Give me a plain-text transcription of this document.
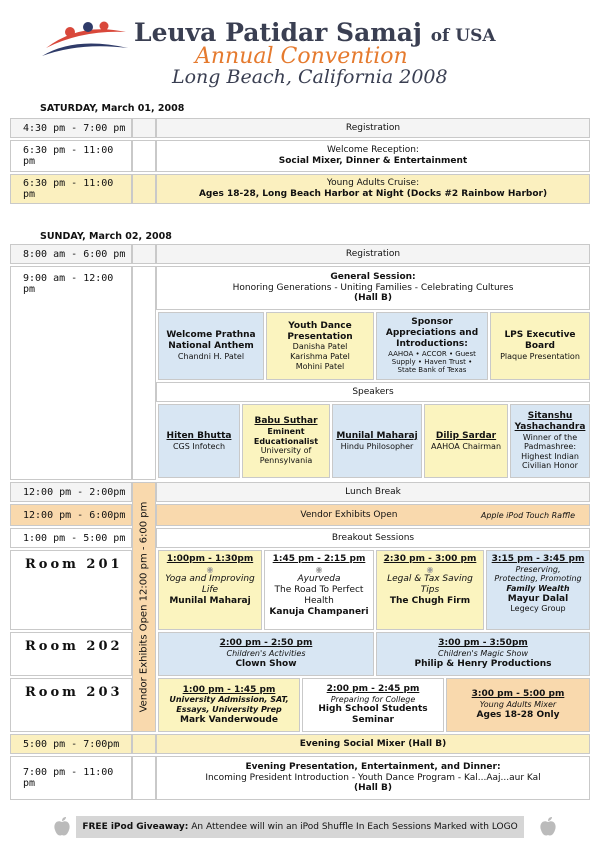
Leuva Patidar Samaj of USA
Annual Convention
Long Beach, California 2008
SATURDAY, March 01, 2008
4:30 pm - 7:00 pm	Registration
6:30 pm - 11:00 pm
Welcome Reception:
Social Mixer, Dinner & Entertainment
6:30 pm - 11:00 pm
Young Adults Cruise:
Ages 18-28, Long Beach Harbor at Night (Docks #2 Rainbow Harbor)
SUNDAY, March 02, 2008
8:00 am - 6:00 pm
9:00 am - 12:00 pm
12:00 pm - 2:00pm
12:00 pm - 6:00pm
1:00 pm - 5:00 pm
Room 201
Room 202
Room 203
5:00 pm - 7:00pm
7:00 pm - 11:00 pm
Vendor Exhibits Open 12:00 pm - 6:00 pm
Registration
General Session:
Honoring Generations - Uniting Families - Celebrating Cultures
(Hall B)
Welcome Prathna
National Anthem
Chandni H. Patel
Youth Dance
Presentation
Danisha Patel
Karishma Patel
Mohini Patel
Sponsor
Appreciations and
Introductions:
AAHOA • ACCOR • Guest
Supply • Haven Trust •
State Bank of Texas
LPS Executive
Board
Plaque Presentation
Speakers
Hiten Bhutta
CGS Infotech
Babu Suthar
Eminent
Educationalist
University of
Pennsylvania
Munilal Maharaj
Hindu Philosopher
Dilip Sardar
AAHOA Chairman
Sitanshu
Yashachandra
Winner of the
Padmashree:
Highest Indian
Civilian Honor
Lunch Break
Vendor Exhibits Open	Apple iPod Touch Raffle
Breakout Sessions
1:00pm - 1:30pm
◉
Yoga and Improving
Life
Munilal Maharaj
1:45 pm - 2:15 pm
◉
Ayurveda
The Road To Perfect
Health
Kanuja Champaneri
2:30 pm - 3:00 pm
◉
Legal & Tax Saving
Tips
The Chugh Firm
3:15 pm - 3:45 pm
Preserving,
Protecting, Promoting
Family Wealth
Mayur Dalal
Legecy Group
2:00 pm - 2:50 pm
Children's Activities
Clown Show
3:00 pm - 3:50pm
Children's Magic Show
Philip & Henry Productions
1:00 pm - 1:45 pm
University Admission, SAT,
Essays, University Prep
Mark Vanderwoude
2:00 pm - 2:45 pm
Preparing for College
High School Students
Seminar
3:00 pm - 5:00 pm
Young Adults Mixer
Ages 18-28 Only
Evening Social Mixer (Hall B)
Evening Presentation, Entertainment, and Dinner:
Incoming President Introduction - Youth Dance Program - Kal...Aaj...aur Kal
(Hall B)
FREE iPod Giveaway: An Attendee will win an iPod Shuffle In Each Sessions Marked with LOGO
